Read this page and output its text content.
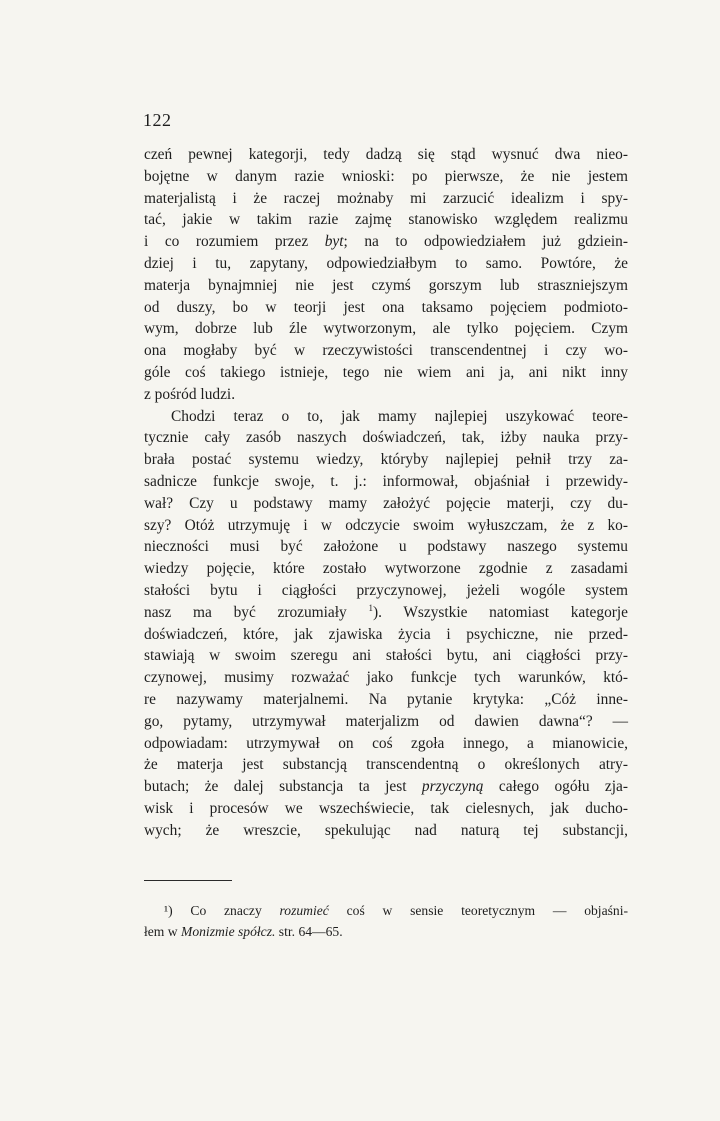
122
czeń pewnej kategorji, tedy dadzą się stąd wysnuć dwa nieo-
bojętne w danym razie wnioski: po pierwsze, że nie jestem
materjalistą i że raczej możnaby mi zarzucić idealizm i spy-
tać, jakie w takim razie zajmę stanowisko względem realizmu
i co rozumiem przez byt; na to odpowiedziałem już gdziein-
dziej i tu, zapytany, odpowiedziałbym to samo. Powtóre, że
materja bynajmniej nie jest czymś gorszym lub straszniejszym
od duszy, bo w teorji jest ona taksamo pojęciem podmioto-
wym, dobrze lub źle wytworzonym, ale tylko pojęciem. Czym
ona mogłaby być w rzeczywistości transcendentnej i czy wo-
góle coś takiego istnieje, tego nie wiem ani ja, ani nikt inny
z pośród ludzi.
Chodzi teraz o to, jak mamy najlepiej uszykować teore-
tycznie cały zasób naszych doświadczeń, tak, iżby nauka przy-
brała postać systemu wiedzy, któryby najlepiej pełnił trzy za-
sadnicze funkcje swoje, t. j.: informował, objaśniał i przewidy-
wał? Czy u podstawy mamy założyć pojęcie materji, czy du-
szy? Otóż utrzymuję i w odczycie swoim wyłuszczam, że z ko-
nieczności musi być założone u podstawy naszego systemu
wiedzy pojęcie, które zostało wytworzone zgodnie z zasadami
stałości bytu i ciągłości przyczynowej, jeżeli wogóle system
nasz ma być zrozumiały $^1$). Wszystkie natomiast kategorje
doświadczeń, które, jak zjawiska życia i psychiczne, nie przed-
stawiają w swoim szeregu ani stałości bytu, ani ciągłości przy-
czynowej, musimy rozważać jako funkcje tych warunków, któ-
re nazywamy materjalnemi. Na pytanie krytyka: „Cóż inne-
go, pytamy, utrzymywał materjalizm od dawien dawna“? —
odpowiadam: utrzymywał on coś zgoła innego, a mianowicie,
że materja jest substancją transcendentną o określonych atry-
butach; że dalej substancja ta jest przyczyną całego ogółu zja-
wisk i procesów we wszechświecie, tak cielesnych, jak ducho-
wych; że wreszcie, spekulując nad naturą tej substancji,
¹) Co znaczy rozumieć coś w sensie teoretycznym — objaśni-
łem w Monizmie spółcz. str. 64—65.
